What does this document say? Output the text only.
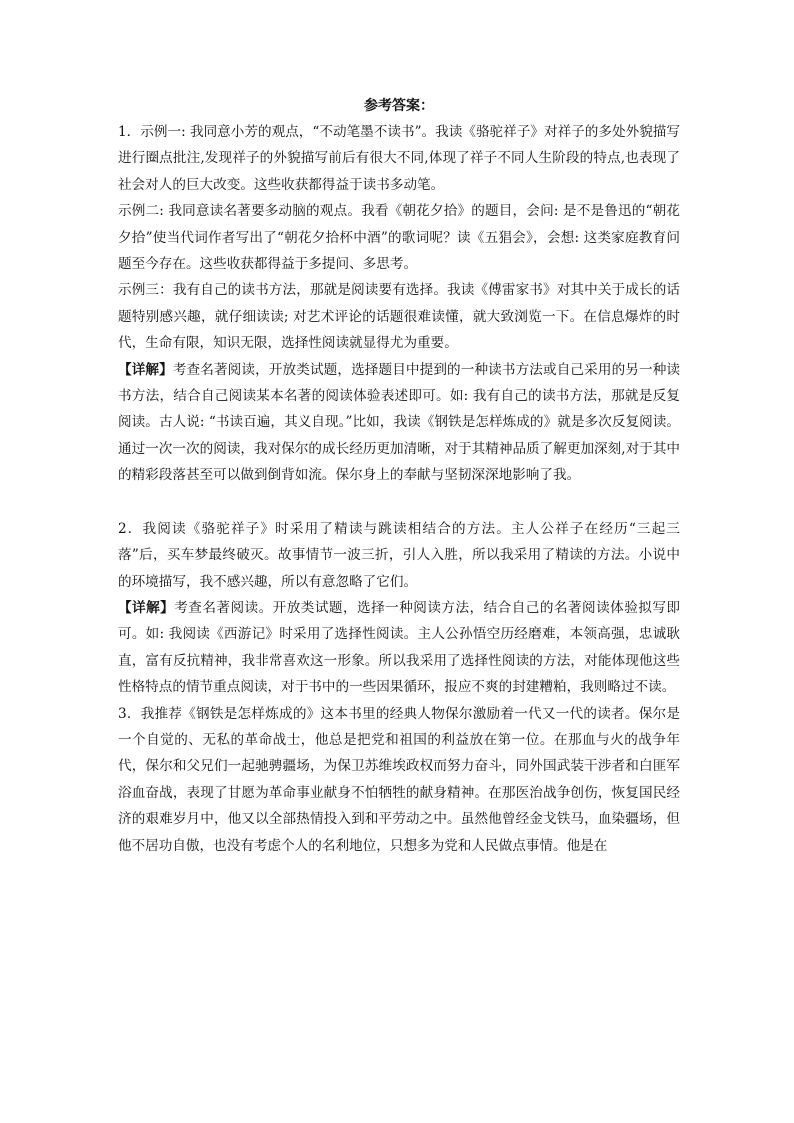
参考答案：

1．示例一: 我同意小芳的观点，“不动笔墨不读书”。我读《骆驼祥子》对祥子的多处外貌描写进行圈点批注,发现祥子的外貌描写前后有很大不同,体现了祥子不同人生阶段的特点,也表现了社会对人的巨大改变。这些收获都得益于读书多动笔。

示例二: 我同意读名著要多动脑的观点。我看《朝花夕拾》的题目，会问: 是不是鲁迅的“朝花夕拾”使当代词作者写出了“朝花夕拾杯中酒”的歌词呢？读《五猖会》，会想: 这类家庭教育问题至今存在。这些收获都得益于多提问、多思考。

示例三：我有自己的读书方法，那就是阅读要有选择。我读《傅雷家书》对其中关于成长的话题特别感兴趣，就仔细读读; 对艺术评论的话题很难读懂，就大致浏览一下。在信息爆炸的时代，生命有限，知识无限，选择性阅读就显得尤为重要。

【详解】考查名著阅读，开放类试题，选择题目中提到的一种读书方法或自己采用的另一种读书方法，结合自己阅读某本名著的阅读体验表述即可。如: 我有自己的读书方法，那就是反复阅读。古人说: “书读百遍，其义自现。”比如，我读《钢铁是怎样炼成的》就是多次反复阅读。通过一次一次的阅读，我对保尔的成长经历更加清晰，对于其精神品质了解更加深刻,对于其中的精彩段落甚至可以做到倒背如流。保尔身上的奉献与坚韧深深地影响了我。

2．我阅读《骆驼祥子》时采用了精读与跳读相结合的方法。主人公祥子在经历“三起三落”后，买车梦最终破灭。故事情节一波三折，引人入胜，所以我采用了精读的方法。小说中的环境描写，我不感兴趣，所以有意忽略了它们。

【详解】考查名著阅读。开放类试题，选择一种阅读方法，结合自己的名著阅读体验拟写即可。如: 我阅读《西游记》时采用了选择性阅读。主人公孙悟空历经磨难，本领高强，忠诚耿直，富有反抗精神，我非常喜欢这一形象。所以我采用了选择性阅读的方法，对能体现他这些性格特点的情节重点阅读，对于书中的一些因果循环，报应不爽的封建糟粕，我则略过不读。

3．我推荐《钢铁是怎样炼成的》这本书里的经典人物保尔激励着一代又一代的读者。保尔是一个自觉的、无私的革命战士，他总是把党和祖国的利益放在第一位。在那血与火的战争年代，保尔和父兄们一起驰骋疆场，为保卫苏维埃政权而努力奋斗，同外国武装干涉者和白匪军浴血奋战，表现了甘愿为革命事业献身不怕牺牲的献身精神。在那医治战争创伤，恢复国民经济的艰难岁月中，他又以全部热情投入到和平劳动之中。虽然他曾经金戈铁马，血染疆场，但他不居功自傲，也没有考虑个人的名利地位，只想多为党和人民做点事情。他是在
